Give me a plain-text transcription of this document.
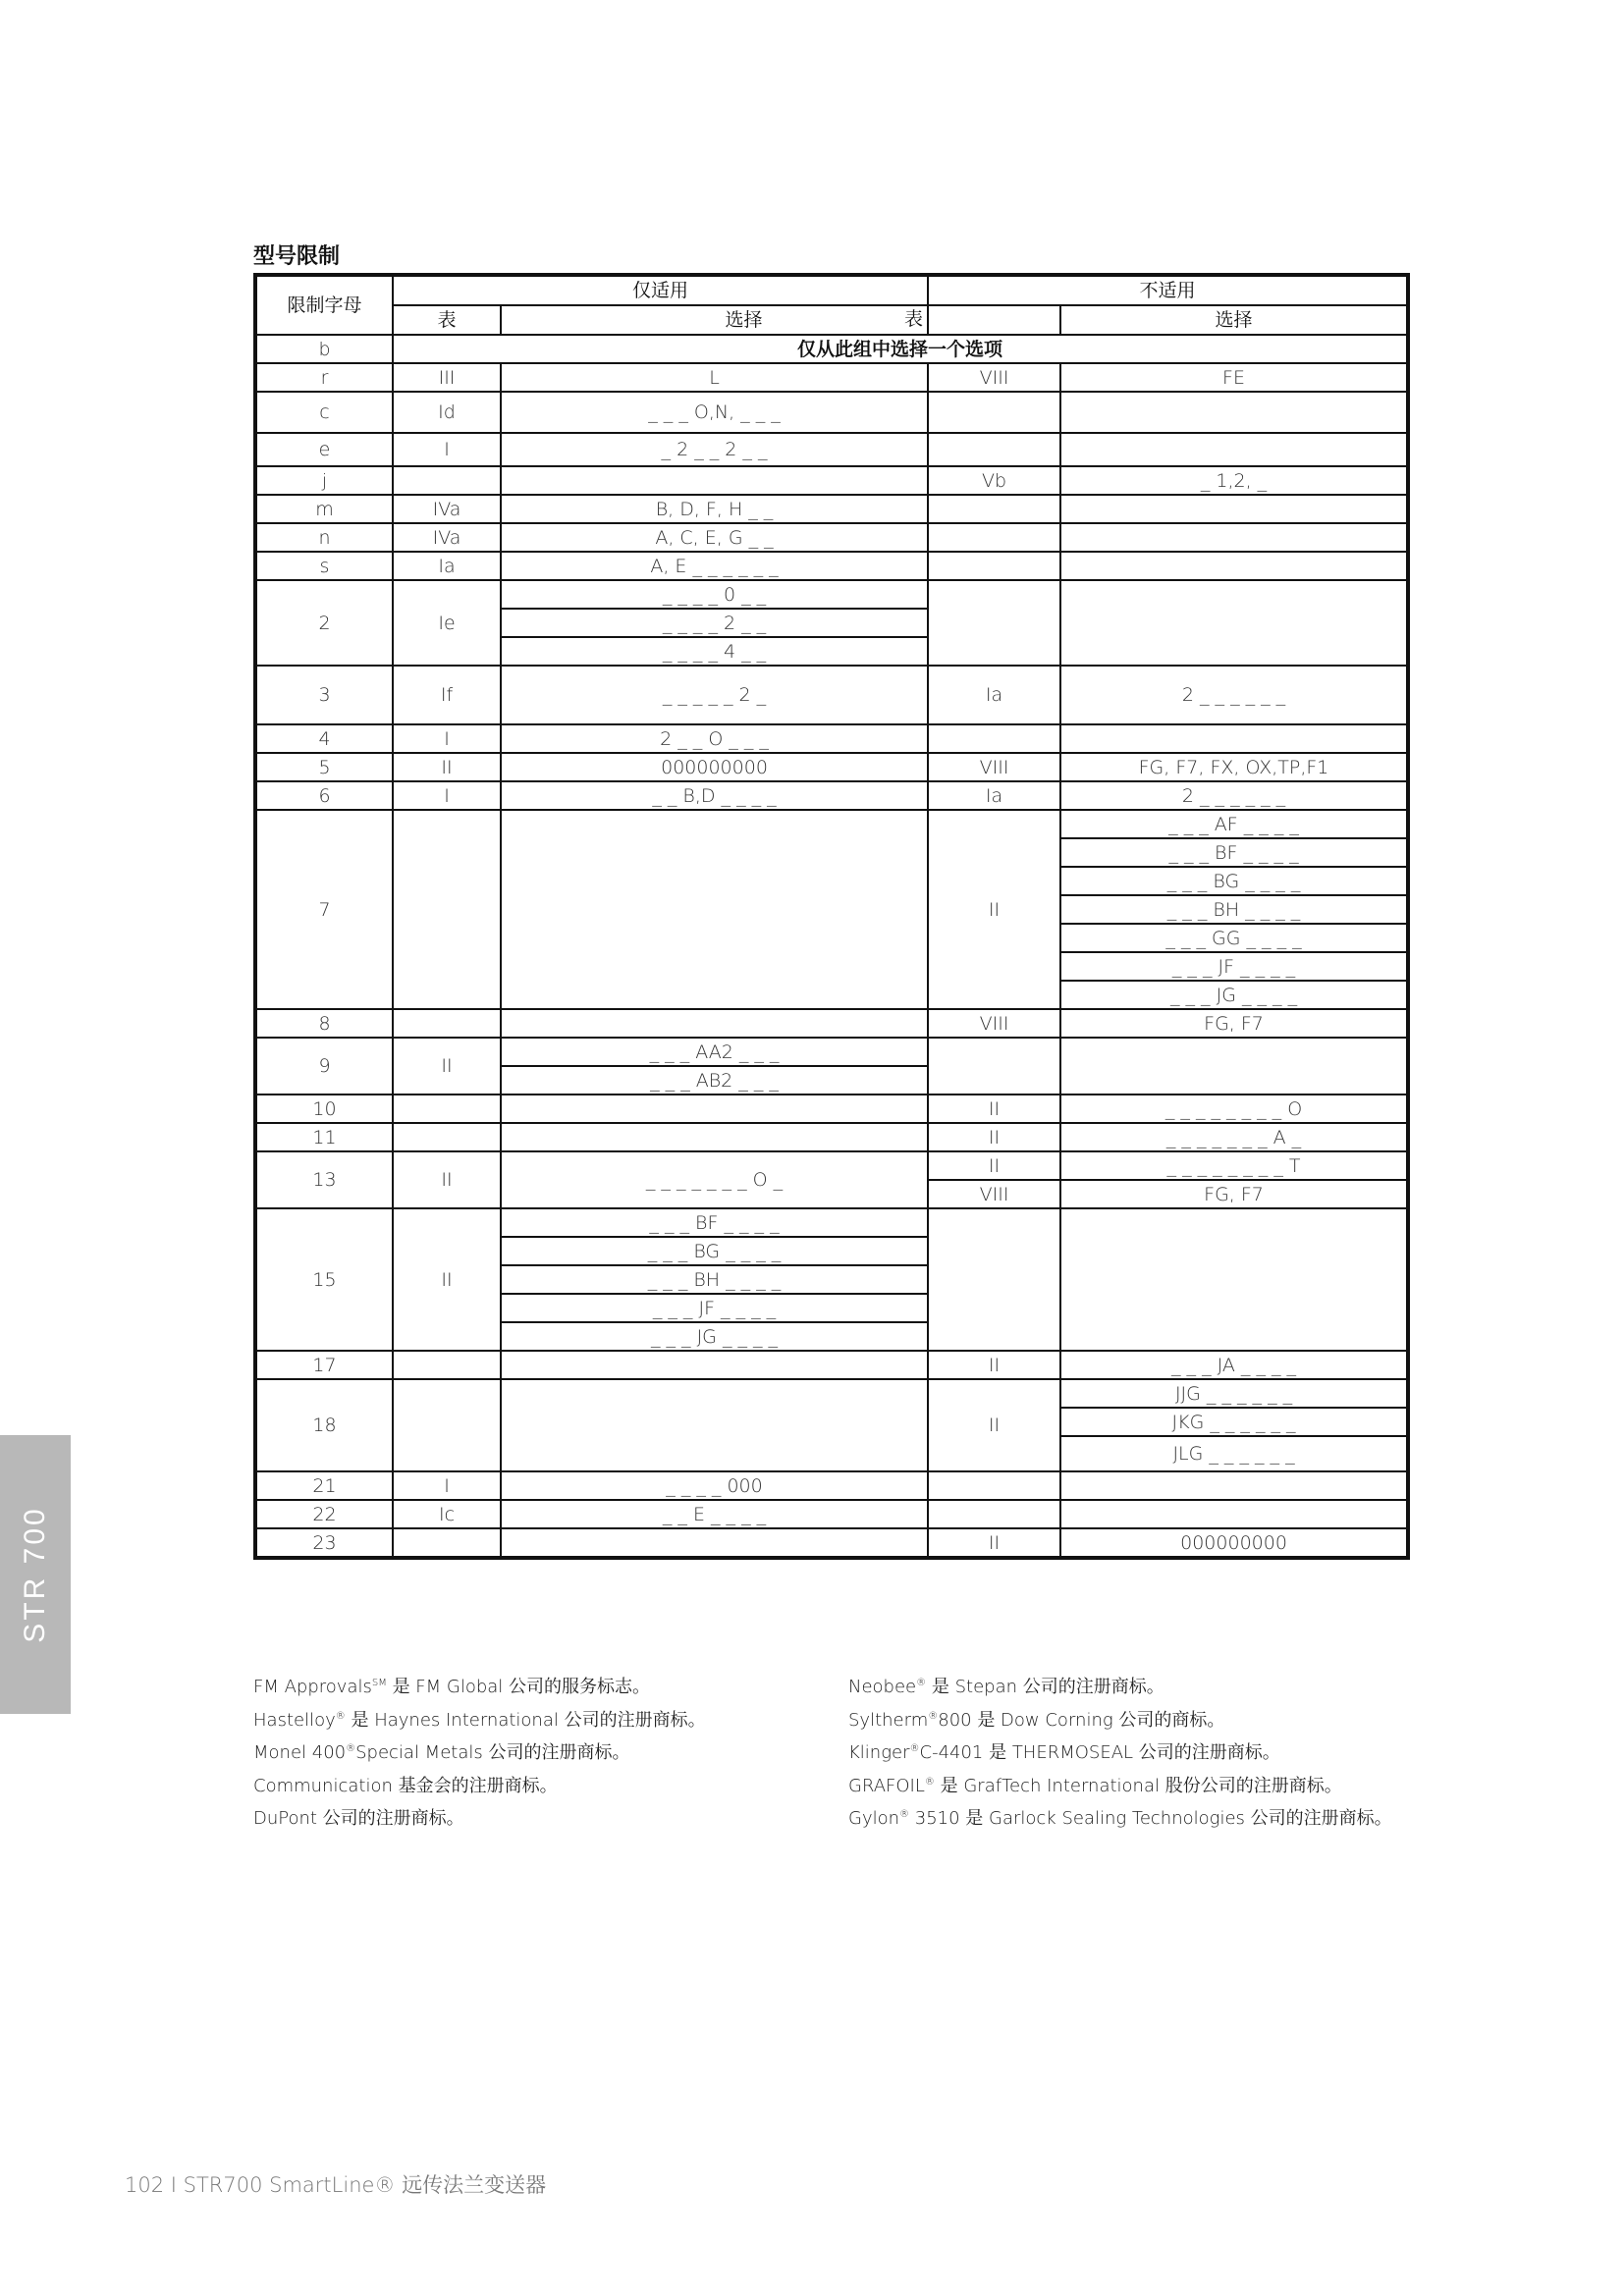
型号限制
限制字母	仅适用		不适用	
	表	选择 表		选择
b	仅从此组中选择一个选项			
r	III	L	VIII	FE
c	Id	_ _ _ O,N, _ _ _		
e	I	_ 2 _ _ 2 _ _		
j			Vb	_ 1,2, _
m	IVa	B, D, F, H _ _		
n	IVa	A, C, E, G _ _		
s	Ia	A, E _ _ _ _ _ _		
2	Ie	_ _ _ _ 0 _ _		
		_ _ _ _ 2 _ _		
		_ _ _ _ 4 _ _		
3	If	_ _ _ _ _ 2 _	Ia	2 _ _ _ _ _ _
4	I	2 _ _ O _ _ _		
5	II	000000000	VIII	FG, F7, FX, OX,TP,F1
6	I	_ _ B,D _ _ _ _	Ia	2 _ _ _ _ _ _
7			II	_ _ _ AF _ _ _ _
				_ _ _ BF _ _ _ _
				_ _ _ BG _ _ _ _
				_ _ _ BH _ _ _ _
				_ _ _ GG _ _ _ _
				_ _ _ JF _ _ _ _
				_ _ _ JG _ _ _ _
8			VIII	FG, F7
9	II	_ _ _ AA2 _ _ _		
		_ _ _ AB2 _ _ _		
10			II	_ _ _ _ _ _ _ _ O
11			II	_ _ _ _ _ _ _ A _
13	II	_ _ _ _ _ _ _ O _	II	_ _ _ _ _ _ _ _ T
			VIII	FG, F7
15	II	_ _ _ BF _ _ _ _		
		_ _ _ BG _ _ _ _		
		_ _ _ BH _ _ _ _		
		_ _ _ JF _ _ _ _		
		_ _ _ JG _ _ _ _		
17			II	_ _ _ JA _ _ _ _
18			II	JJG _ _ _ _ _ _
				JKG _ _ _ _ _ _
				JLG _ _ _ _ _ _
21	I	_ _ _ _ 000		
22	Ic	_ _ E _ _ _ _		
23			II	000000000
FM Approvals℠ 是 FM Global 公司的服务标志。
Hastelloy® 是 Haynes International 公司的注册商标。
Monel 400®Special Metals 公司的注册商标。
Communication 基金会的注册商标。
DuPont 公司的注册商标。
Neobee® 是 Stepan 公司的注册商标。
Syltherm®800 是 Dow Corning 公司的商标。
Klinger®C-4401 是 THERMOSEAL 公司的注册商标。
GRAFOIL® 是 GrafTech International 股份公司的注册商标。
Gylon® 3510 是 Garlock Sealing Technologies 公司的注册商标。
STR 700
102 I STR700 SmartLine® 远传法兰变送器
